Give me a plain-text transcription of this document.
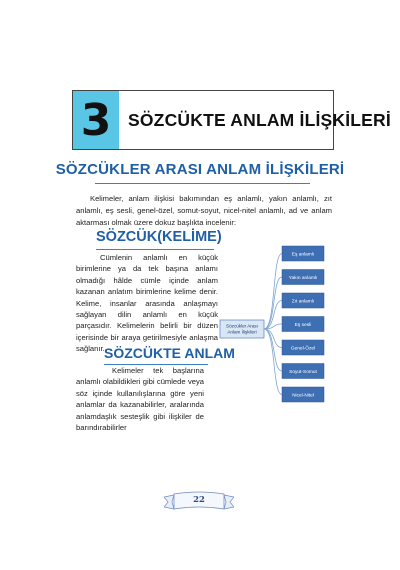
3 SÖZCÜKTE ANLAM İLİŞKİLERİ
SÖZCÜKLER ARASI ANLAM İLİŞKİLERİ
Kelimeler, anlam ilişkisi bakımından eş anlamlı, yakın anlamlı, zıt anlamlı, eş sesli, genel-özel, somut-soyut, nicel-nitel anlamlı, ad ve anlam aktarması olmak üzere dokuz başlıkta incelenir:
SÖZCÜK(KELİME)
Cümlenin anlamlı en küçük birimlerine ya da tek başına anlamı olmadığı hâlde cümle içinde anlam kazanan anlatım birimlerine kelime denir. Kelime, insanlar arasında anlaşmayı sağlayan dilin anlamlı en küçük parçasıdır. Kelimelerin belirli bir düzen içerisinde bir araya getirilmesiyle anlaşma sağlanır. SÖZCÜKTE ANLAM
Kelimeler tek başlarına anlamlı olabildikleri gibi cümlede veya söz içinde kullanılışlarına göre yeni anlamlar da kazanabilirler, aralarında anlamdaşlık sesteşlik gibi ilişkiler de barındırabilirler
Sözcükler Arası
Anlam İlişkileri
Eş anlamlı
Yakın anlamlı
Zıt anlamlı
Eş sesli
Genel-Özel
Soyut-Somut
Nicel-Nitel
22
